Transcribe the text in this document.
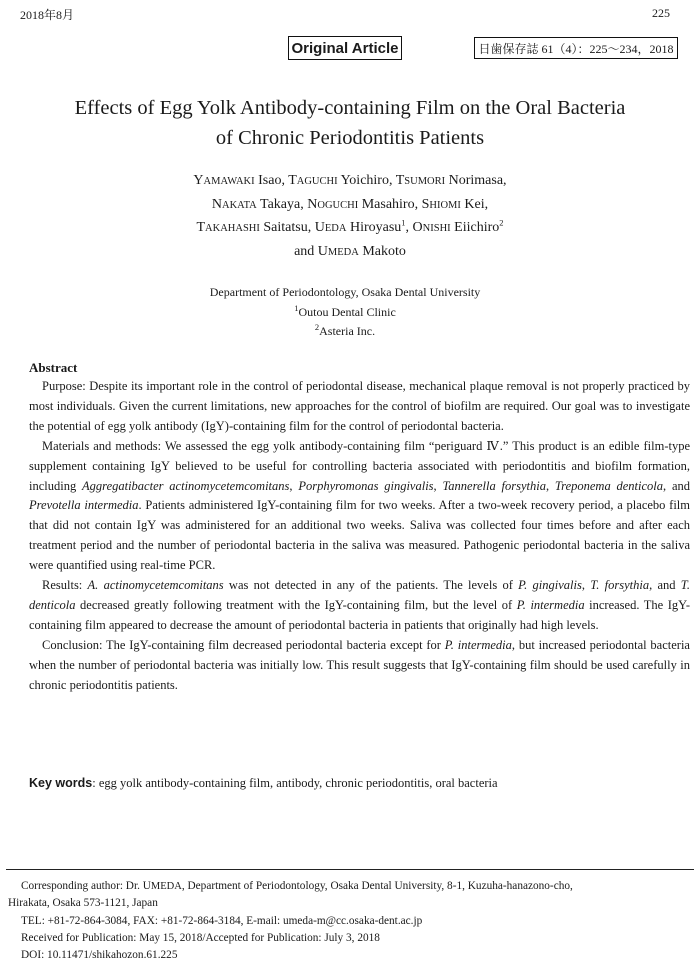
2018年8月	225
Original Article	日歯保存誌 61（4）：225〜234，2018
Effects of Egg Yolk Antibody-containing Film on the Oral Bacteria
of Chronic Periodontitis Patients
YAMAWAKI Isao, TAGUCHI Yoichiro, TSUMORI Norimasa,
NAKATA Takaya, NOGUCHI Masahiro, SHIOMI Kei,
TAKAHASHI Saitatsu, UEDA Hiroyasu$^1$, ONISHI Eiichiro$^2$
and UMEDA Makoto
Department of Periodontology, Osaka Dental University
$^1$Outou Dental Clinic
$^2$Asteria Inc.
Abstract

Purpose: Despite its important role in the control of periodontal disease, mechanical plaque removal is not properly practiced by most individuals. Given the current limitations, new approaches for the control of biofilm are required. Our goal was to investigate the potential of egg yolk antibody (IgY)-containing film for the control of periodontal bacteria.

Materials and methods: We assessed the egg yolk antibody-containing film “periguard Ⅳ.” This product is an edible film-type supplement containing IgY believed to be useful for controlling bacteria associated with periodontitis and biofilm formation, including Aggregatibacter actinomycetemcomitans, Porphyromonas gingivalis, Tannerella forsythia, Treponema denticola, and Prevotella intermedia. Patients administered IgY-containing film for two weeks. After a two-week recovery period, a placebo film that did not contain IgY was administered for an additional two weeks. Saliva was collected four times before and after each treatment period and the number of periodontal bacteria in the saliva was measured. Pathogenic periodontal bacteria in the saliva were quantified using real-time PCR.

Results: A. actinomycetemcomitans was not detected in any of the patients. The levels of P. gingivalis, T. forsythia, and T. denticola decreased greatly following treatment with the IgY-containing film, but the level of P. intermedia increased. The IgY-containing film appeared to decrease the amount of periodontal bacteria in patients that originally had high levels.

Conclusion: The IgY-containing film decreased periodontal bacteria except for P. intermedia, but increased periodontal bacteria when the number of periodontal bacteria was initially low. This result suggests that IgY-containing film should be used carefully in chronic periodontitis patients.

Key words: egg yolk antibody-containing film, antibody, chronic periodontitis, oral bacteria
Corresponding author: Dr. UMEDA, Department of Periodontology, Osaka Dental University, 8-1, Kuzuha-hanazono-cho,
Hirakata, Osaka 573-1121, Japan
TEL: +81-72-864-3084, FAX: +81-72-864-3184, E-mail: umeda-m@cc.osaka-dent.ac.jp
Received for Publication: May 15, 2018/Accepted for Publication: July 3, 2018
DOI: 10.11471/shikahozon.61.225
